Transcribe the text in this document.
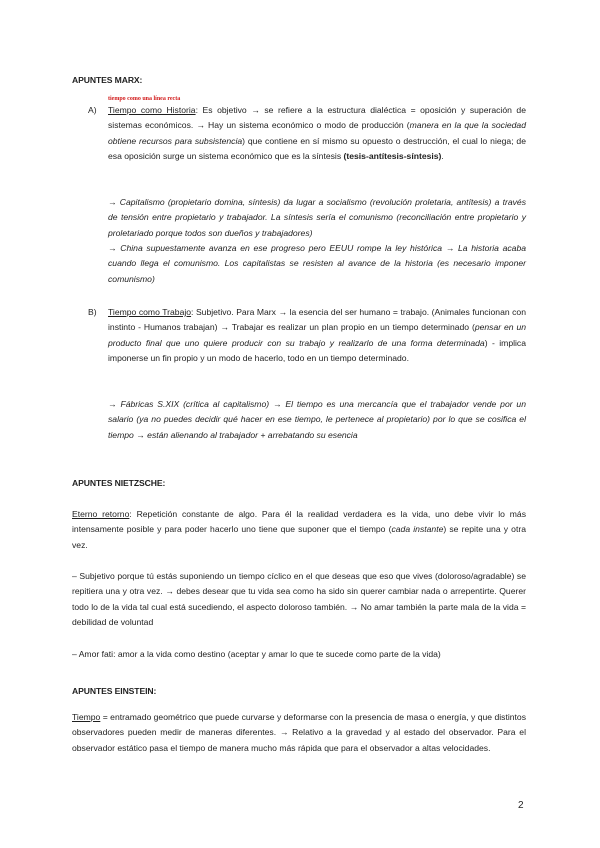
APUNTES MARX:
tiempo como una línea recta
A)	Tiempo como Historia: Es objetivo → se refiere a la estructura dialéctica = oposición y superación de sistemas económicos. → Hay un sistema económico o modo de producción (manera en la que la sociedad obtiene recursos para subsistencia) que contiene en sí mismo su opuesto o destrucción, el cual lo niega; de esa oposición surge un sistema económico que es la síntesis (tesis-antítesis-síntesis).
→ Capitalismo (propietario domina, síntesis) da lugar a socialismo (revolución proletaria, antítesis) a través de tensión entre propietario y trabajador. La síntesis sería el comunismo (reconciliación entre propietario y proletariado porque todos son dueños y trabajadores)
→ China supuestamente avanza en ese progreso pero EEUU rompe la ley histórica → La historia acaba cuando llega el comunismo. Los capitalistas se resisten al avance de la historia (es necesario imponer comunismo)
B)	Tiempo como Trabajo: Subjetivo. Para Marx → la esencia del ser humano = trabajo. (Animales funcionan con instinto - Humanos trabajan) → Trabajar es realizar un plan propio en un tiempo determinado (pensar en un producto final que uno quiere producir con su trabajo y realizarlo de una forma determinada) - implica imponerse un fin propio y un modo de hacerlo, todo en un tiempo determinado.
→ Fábricas S.XIX (crítica al capitalismo) → El tiempo es una mercancía que el trabajador vende por un salario (ya no puedes decidir qué hacer en ese tiempo, le pertenece al propietario) por lo que se cosifica el tiempo → están alienando al trabajador + arrebatando su esencia
APUNTES NIETZSCHE:
Eterno retorno: Repetición constante de algo. Para él la realidad verdadera es la vida, uno debe vivir lo más intensamente posible y para poder hacerlo uno tiene que suponer que el tiempo (cada instante) se repite una y otra vez.
– Subjetivo porque tú estás suponiendo un tiempo cíclico en el que deseas que eso que vives (doloroso/agradable) se repitiera una y otra vez. → debes desear que tu vida sea como ha sido sin querer cambiar nada o arrepentirte. Querer todo lo de la vida tal cual está sucediendo, el aspecto doloroso también. → No amar también la parte mala de la vida = debilidad de voluntad
– Amor fati: amor a la vida como destino (aceptar y amar lo que te sucede como parte de la vida)
APUNTES EINSTEIN:
Tiempo = entramado geométrico que puede curvarse y deformarse con la presencia de masa o energía, y que distintos observadores pueden medir de maneras diferentes. → Relativo a la gravedad y al estado del observador. Para el observador estático pasa el tiempo de manera mucho más rápida que para el observador a altas velocidades.
2
